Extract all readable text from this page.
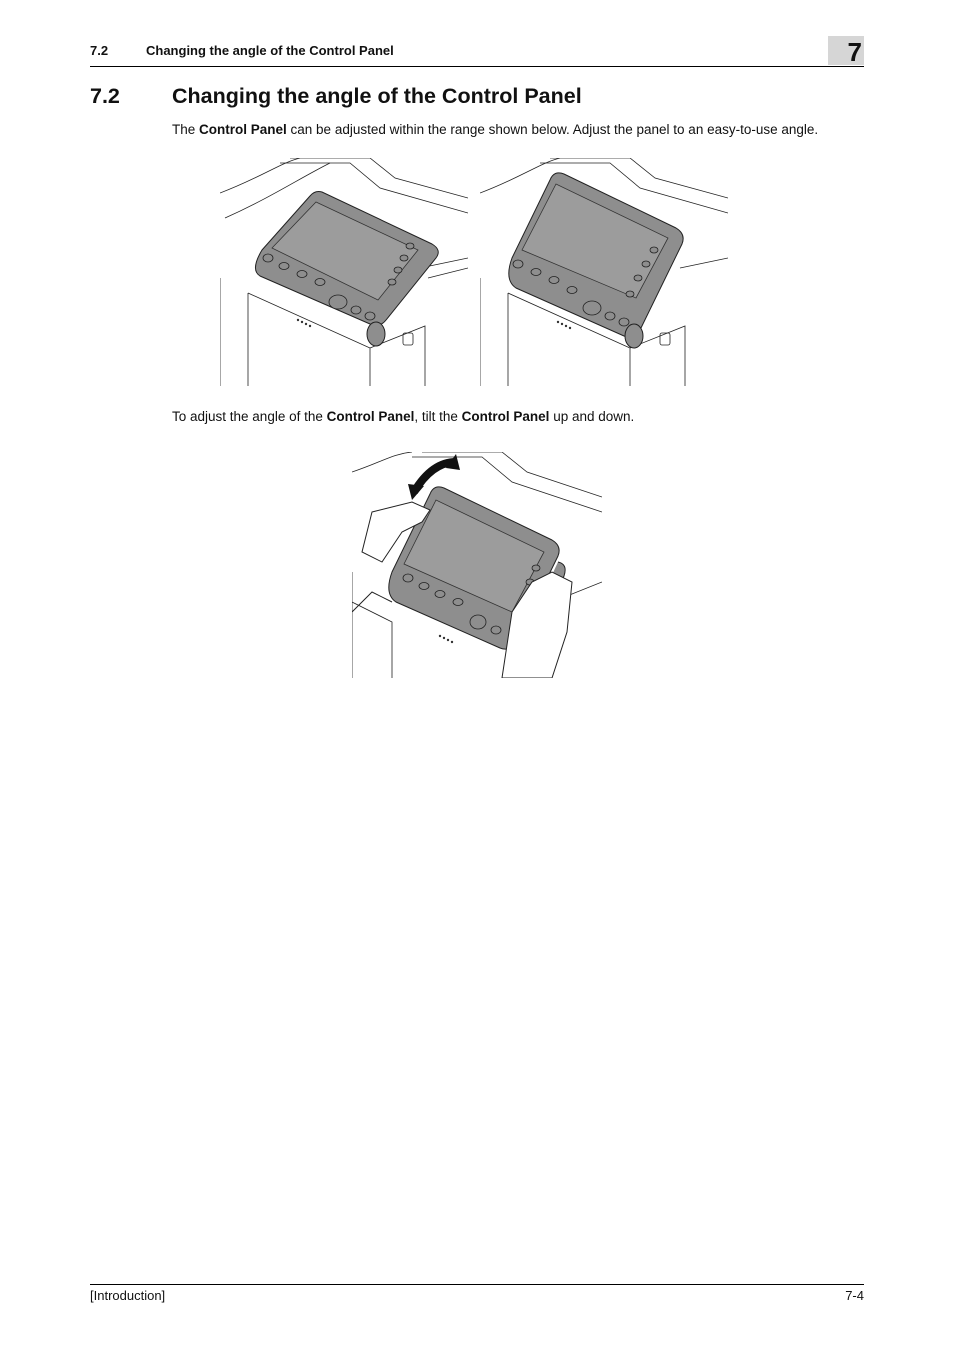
7.2	Changing the angle of the Control Panel	7
7.2 Changing the angle of the Control Panel
The Control Panel can be adjusted within the range shown below. Adjust the panel to an easy-to-use angle.
To adjust the angle of the Control Panel, tilt the Control Panel up and down.
[Introduction]	7-4
